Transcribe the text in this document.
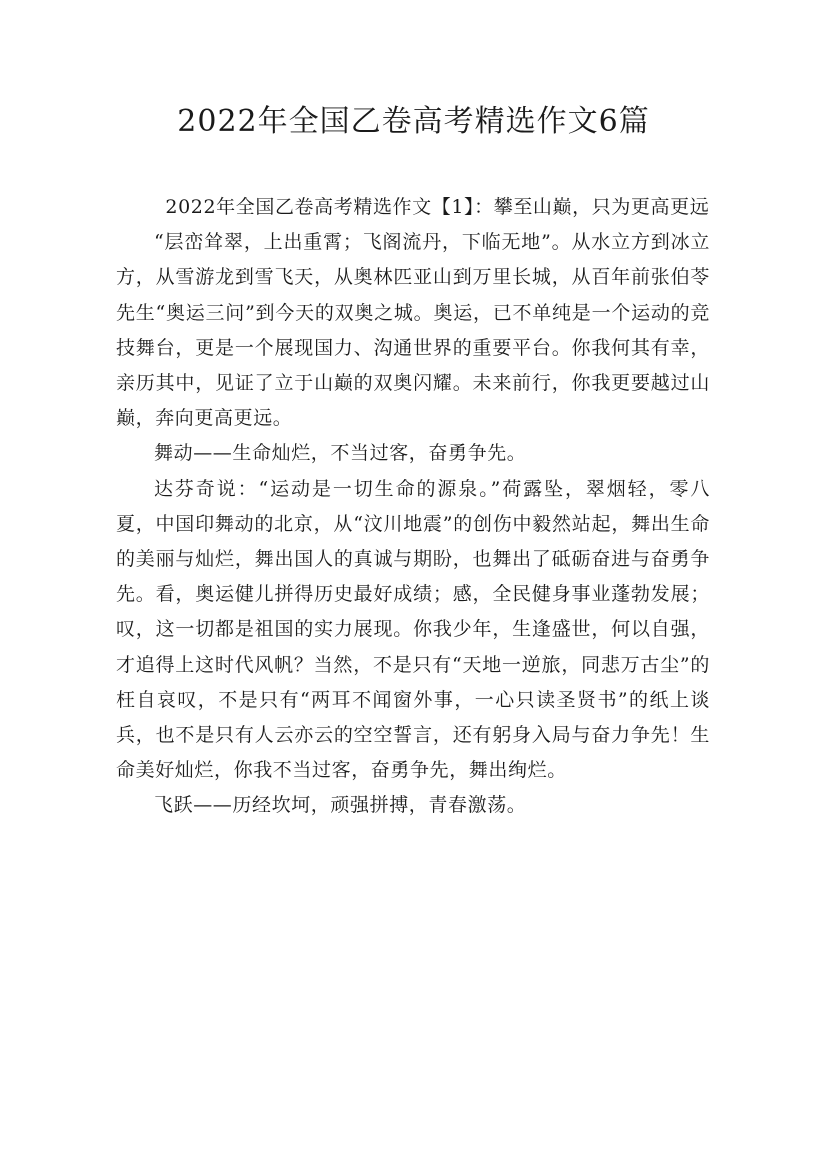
2022年全国乙卷高考精选作文6篇

2022年全国乙卷高考精选作文【1】：攀至山巅，只为更高更远

“层峦耸翠，上出重霄；飞阁流丹，下临无地”。从水立方到冰立方，从雪游龙到雪飞天，从奥林匹亚山到万里长城，从百年前张伯苓先生“奥运三问”到今天的双奥之城。奥运，已不单纯是一个运动的竞技舞台，更是一个展现国力、沟通世界的重要平台。你我何其有幸，亲历其中，见证了立于山巅的双奥闪耀。未来前行，你我更要越过山巅，奔向更高更远。

舞动——生命灿烂，不当过客，奋勇争先。

达芬奇说：“运动是一切生命的源泉。”荷露坠，翠烟轻，零八夏，中国印舞动的北京，从“汶川地震”的创伤中毅然站起，舞出生命的美丽与灿烂，舞出国人的真诚与期盼，也舞出了砥砺奋进与奋勇争先。看，奥运健儿拼得历史最好成绩；感，全民健身事业蓬勃发展；叹，这一切都是祖国的实力展现。你我少年，生逢盛世，何以自强，才追得上这时代风帆？当然，不是只有“天地一逆旅，同悲万古尘”的枉自哀叹，不是只有“两耳不闻窗外事，一心只读圣贤书”的纸上谈兵，也不是只有人云亦云的空空誓言，还有躬身入局与奋力争先！生命美好灿烂，你我不当过客，奋勇争先，舞出绚烂。

飞跃——历经坎坷，顽强拼搏，青春激荡。
